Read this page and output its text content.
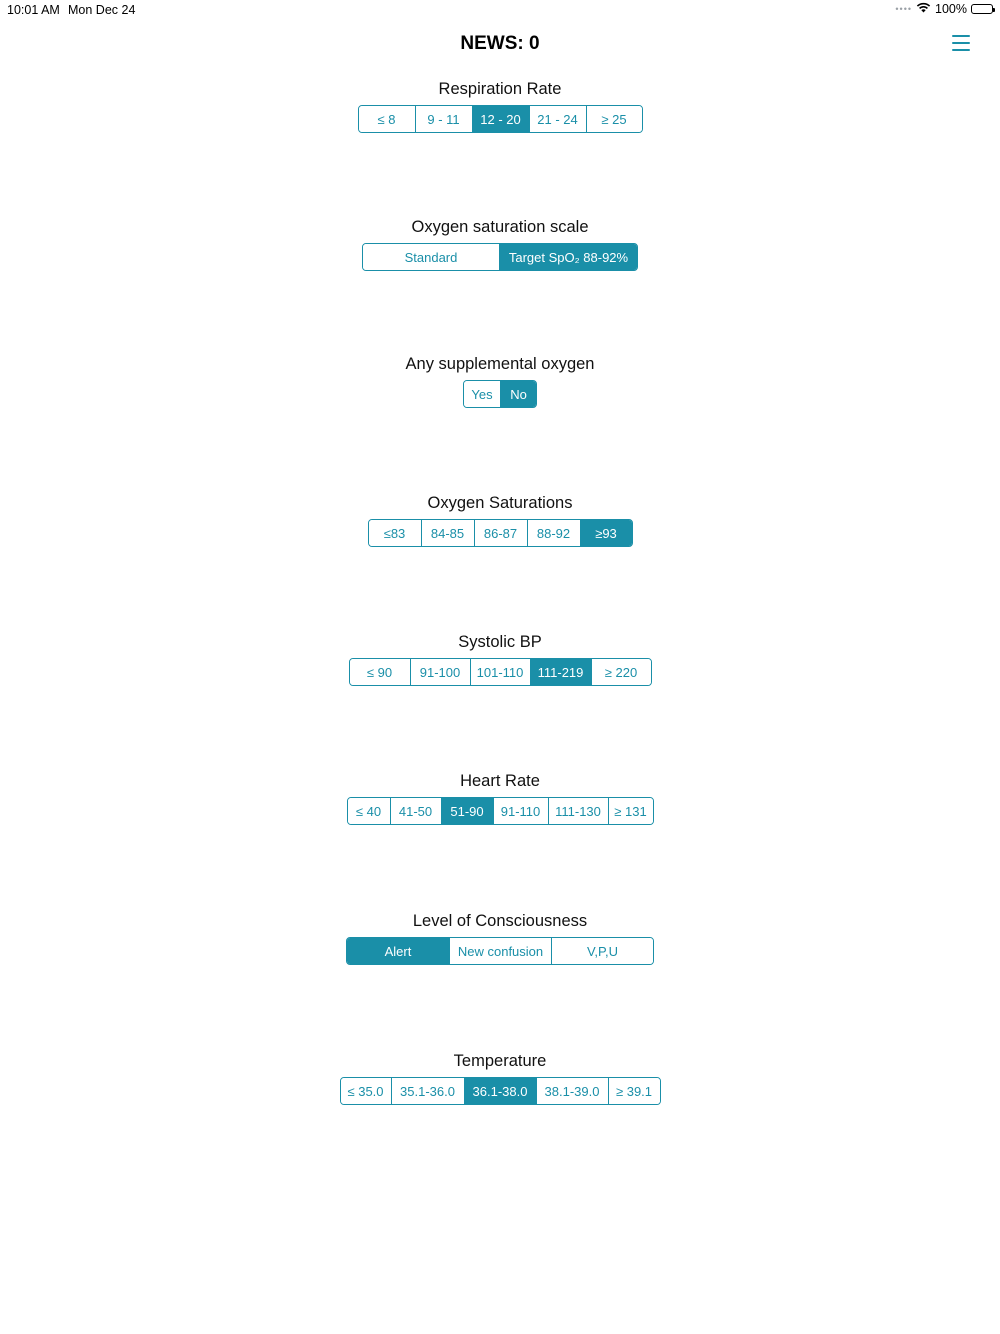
10:01 AM Mon Dec 24	•••• 100%
NEWS: 0
Respiration Rate
≤ 8	9 - 11	12 - 20	21 - 24	≥ 25
Oxygen saturation scale
Standard	Target SpO₂ 88-92%
Any supplemental oxygen
Yes	No
Oxygen Saturations
≤83	84-85	86-87	88-92	≥93
Systolic BP
≤ 90	91-100	101-110	111-219	≥ 220
Heart Rate
≤ 40	41-50	51-90	91-110	111-130	≥ 131
Level of Consciousness
Alert	New confusion	V,P,U
Temperature
≤ 35.0	35.1-36.0	36.1-38.0	38.1-39.0	≥ 39.1
